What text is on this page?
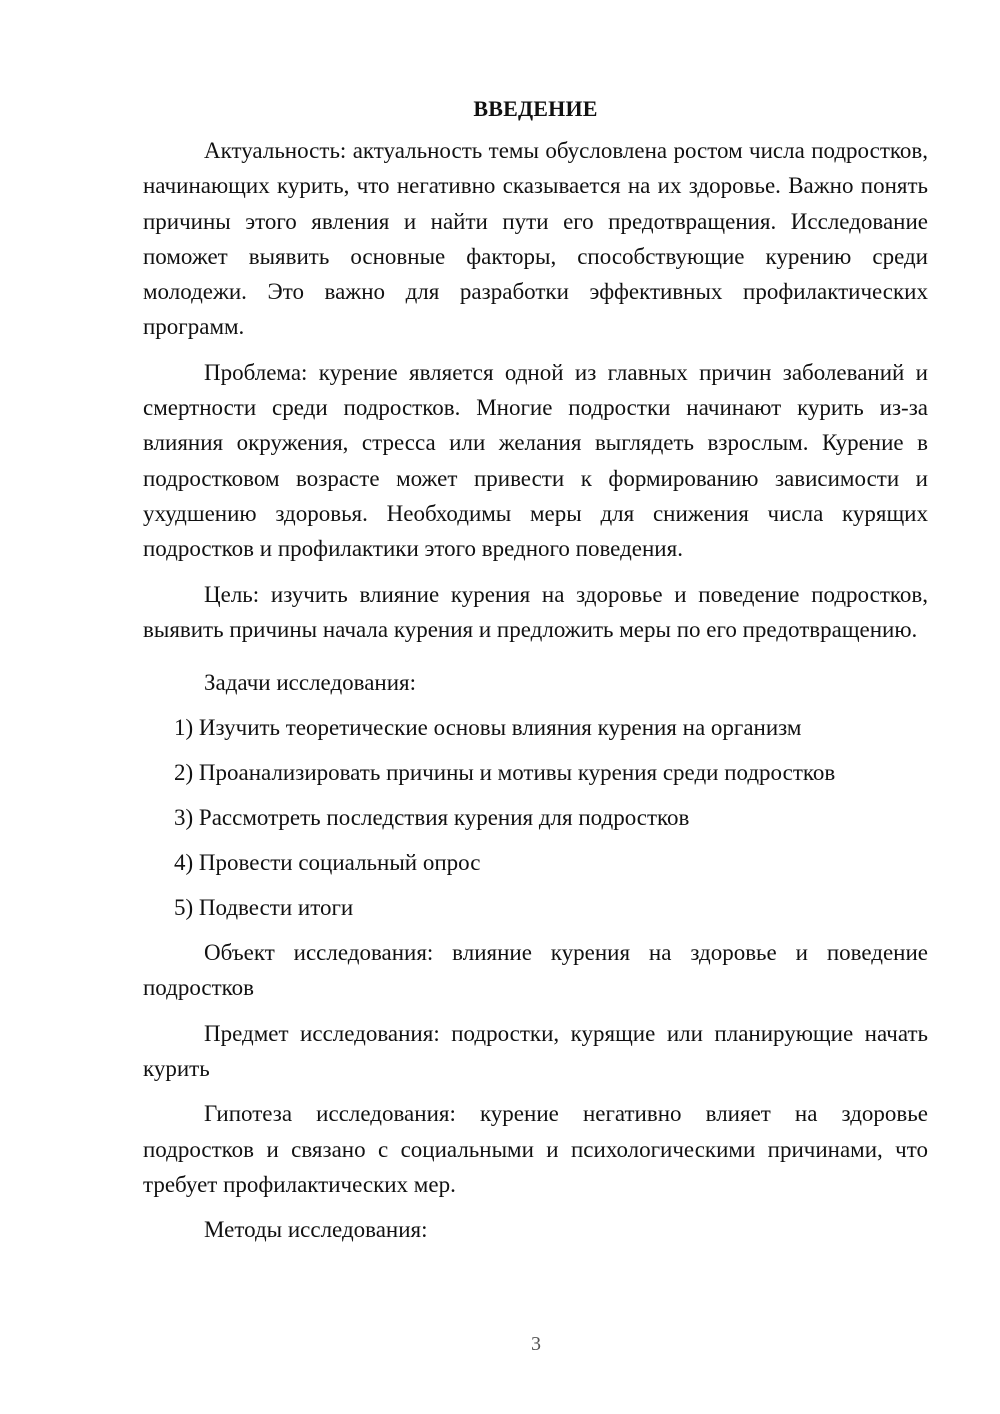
ВВЕДЕНИЕ

Актуальность: актуальность темы обусловлена ростом числа подростков, начинающих курить, что негативно сказывается на их здоровье. Важно понять причины этого явления и найти пути его предотвращения. Исследование поможет выявить основные факторы, способствующие курению среди молодежи. Это важно для разработки эффективных профилактических программ.

Проблема: курение является одной из главных причин заболеваний и смертности среди подростков. Многие подростки начинают курить из-за влияния окружения, стресса или желания выглядеть взрослым. Курение в подростковом возрасте может привести к формированию зависимости и ухудшению здоровья. Необходимы меры для снижения числа курящих подростков и профилактики этого вредного поведения.

Цель: изучить влияние курения на здоровье и поведение подростков, выявить причины начала курения и предложить меры по его предотвращению.

Задачи исследования:

1) Изучить теоретические основы влияния курения на организм
2) Проанализировать причины и мотивы курения среди подростков
3) Рассмотреть последствия курения для подростков
4) Провести социальный опрос
5) Подвести итоги

Объект исследования: влияние курения на здоровье и поведение подростков

Предмет исследования: подростки, курящие или планирующие начать курить

Гипотеза исследования: курение негативно влияет на здоровье подростков и связано с социальными и психологическими причинами, что требует профилактических мер.

Методы исследования:

3
